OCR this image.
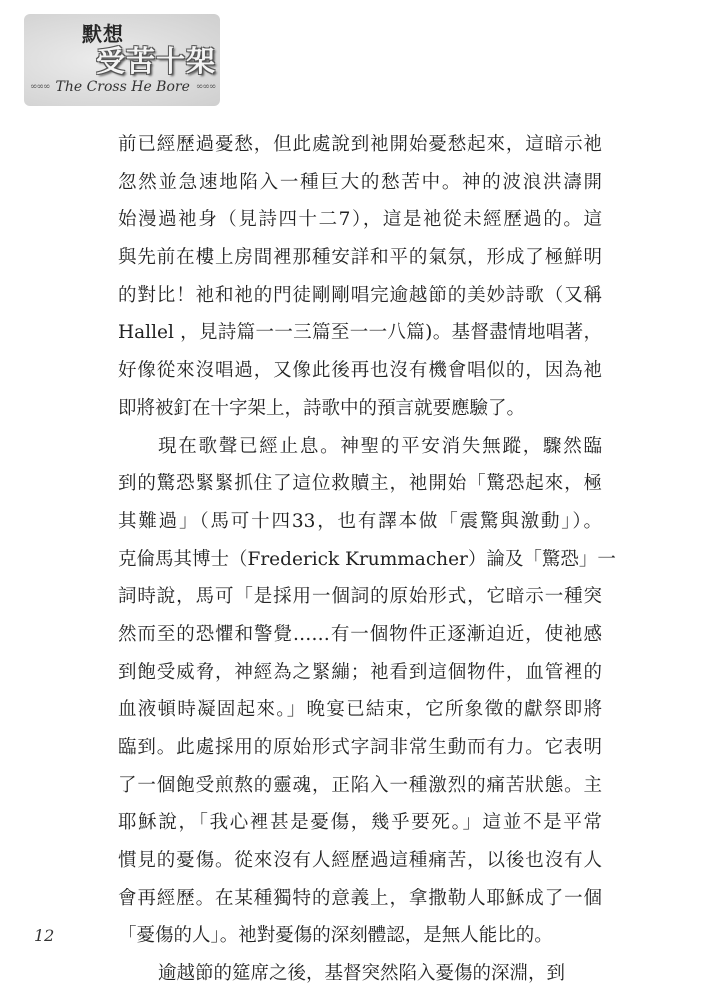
默想
受苦十架
∞∞∞ The Cross He Bore ∞∞∞
前已經歷過憂愁，但此處說到祂開始憂愁起來，這暗示祂
忽然並急速地陷入一種巨大的愁苦中。神的波浪洪濤開
始漫過祂身（見詩四十二7），這是祂從未經歷過的。這
與先前在樓上房間裡那種安詳和平的氣氛，形成了極鮮明
的對比！祂和祂的門徒剛剛唱完逾越節的美妙詩歌（又稱
Hallel ，見詩篇一一三篇至一一八篇)。基督盡情地唱著，
好像從來沒唱過，又像此後再也沒有機會唱似的，因為祂
即將被釘在十字架上，詩歌中的預言就要應驗了。
現在歌聲已經止息。神聖的平安消失無蹤，驟然臨
到的驚恐緊緊抓住了這位救贖主，祂開始「驚恐起來，極
其難過」（馬可十四33，也有譯本做「震驚與激動」）。
克倫馬其博士（Frederick Krummacher）論及「驚恐」一
詞時說，馬可「是採用一個詞的原始形式，它暗示一種突
然而至的恐懼和警覺……有一個物件正逐漸迫近，使祂感
到飽受威脅，神經為之緊繃；祂看到這個物件，血管裡的
血液頓時凝固起來。」晚宴已結束，它所象徵的獻祭即將
臨到。此處採用的原始形式字詞非常生動而有力。它表明
了一個飽受煎熬的靈魂，正陷入一種激烈的痛苦狀態。主
耶穌說，「我心裡甚是憂傷，幾乎要死。」這並不是平常
慣見的憂傷。從來沒有人經歷過這種痛苦，以後也沒有人
會再經歷。在某種獨特的意義上，拿撒勒人耶穌成了一個
「憂傷的人」。祂對憂傷的深刻體認，是無人能比的。
逾越節的筵席之後，基督突然陷入憂傷的深淵，到
12
